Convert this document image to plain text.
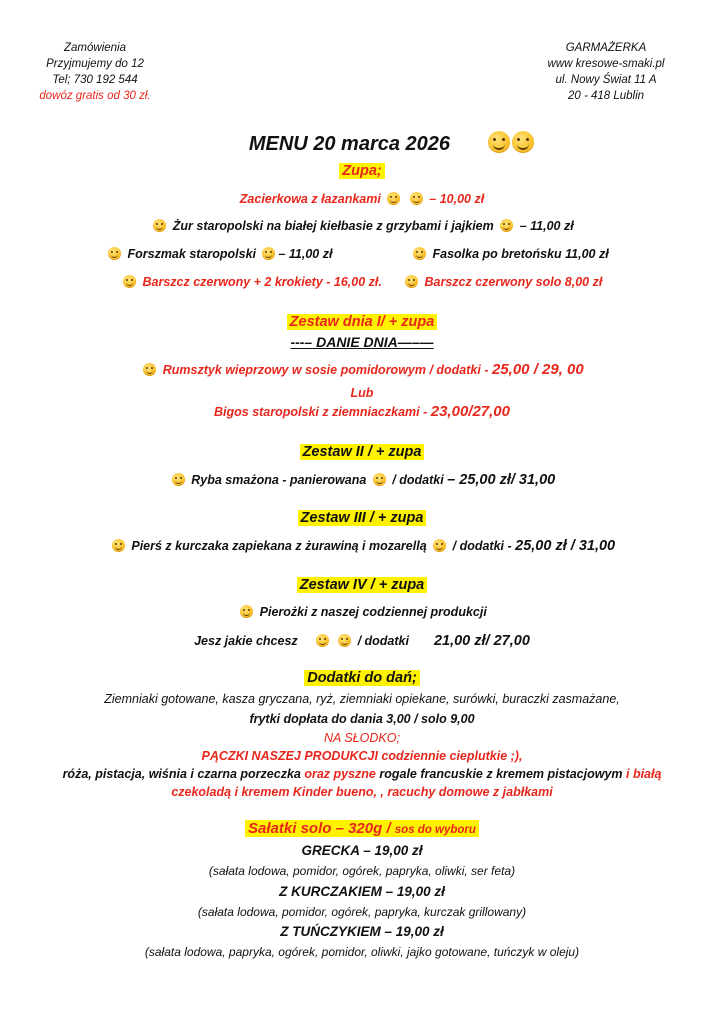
Zamówienia
Przyjmujemy do 12
Tel; 730 192 544
dowóz gratis od 30 zł.
GARMAŻERKA
www kresowe-smaki.pl
ul. Nowy Świat 11 A
20 - 418 Lublin
MENU 20 marca 2026
Zupa;
Zacierkowa z łazankami	– 10,00 zł
Żur staropolski na białej kiełbasie z grzybami i jajkiem – 11,00 zł
Forszmak staropolski – 11,00 zł	Fasolka po bretońsku 11,00 zł
Barszcz czerwony + 2 krokiety - 16,00 zł.	Barszcz czerwony solo 8,00 zł
Zestaw dnia I/ + zupa
---– DANIE DNIA—–—
Rumsztyk wieprzowy w sosie pomidorowym / dodatki - 25,00 / 29, 00
Lub
Bigos staropolski z ziemniaczkami - 23,00/27,00
Zestaw II / + zupa
Ryba smażona - panierowana / dodatki – 25,00 zł/ 31,00
Zestaw III / + zupa
Pierś z kurczaka zapiekana z żurawiną i mozarellą / dodatki - 25,00 zł / 31,00
Zestaw IV / + zupa
Pierożki z naszej codziennej produkcji
Jesz jakie chcesz	/ dodatki 21,00 zł/ 27,00
Dodatki do dań;
Ziemniaki gotowane, kasza gryczana, ryż, ziemniaki opiekane, surówki, buraczki zasmażane,
frytki dopłata do dania 3,00 / solo 9,00
NA SŁODKO;
PĄCZKI NASZEJ PRODUKCJI codziennie cieplutkie ;),
róża, pistacja, wiśnia i czarna porzeczka oraz pyszne rogale francuskie z kremem pistacjowym i białą
czekoladą i kremem Kinder bueno, , racuchy domowe z jabłkami
Sałatki solo – 320g / sos do wyboru
GRECKA – 19,00 zł
(sałata lodowa, pomidor, ogórek, papryka, oliwki, ser feta)
Z KURCZAKIEM – 19,00 zł
(sałata lodowa, pomidor, ogórek, papryka, kurczak grillowany)
Z TUŃCZYKIEM – 19,00 zł
(sałata lodowa, papryka, ogórek, pomidor, oliwki, jajko gotowane, tuńczyk w oleju)
